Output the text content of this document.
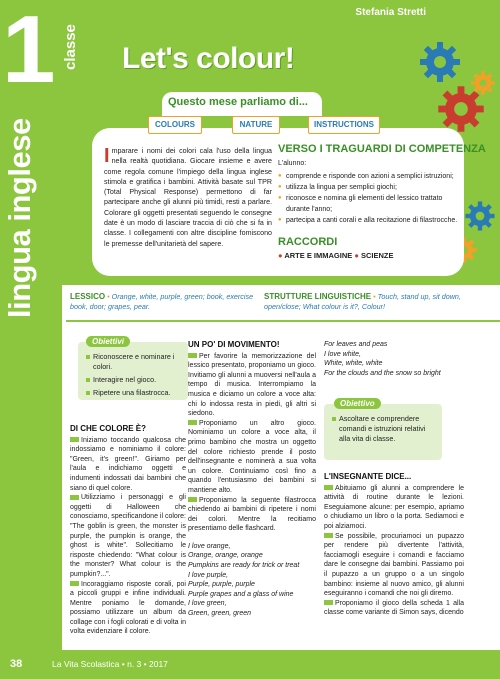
1 classe
lingua inglese
Stefania Stretti
Let's colour!
Questo mese parliamo di...
COLOURS	NATURE	INSTRUCTIONS
Imparare i nomi dei colori cala l'uso della lingua nella realtà quotidiana. Giocare insieme e avere come regola comune l'impiego della lingua inglese stimola e gratifica i bambini. Attività basate sul TPR (Total Physical Response) permettono di far partecipare anche gli alunni più timidi, resti a parlare. Colorare gli oggetti presentati seguendo le consegne date è un modo di lasciare traccia di ciò che si fa in classe. I collegamenti con altre discipline fomiscono le premesse dell'unitarietà del sapere.
VERSO I TRAGUARDI DI COMPETENZA
L'alunno:
● comprende e risponde con azioni a semplici istruzioni;
● utilizza la lingua per semplici giochi;
● riconosce e nomina gli elementi del lessico trattato durante l'anno;
● partecipa a canti corali e alla recitazione di filastrocche.
RACCORDI
● ARTE E IMMAGINE ● SCIENZE
LESSICO • Orange, white, purple, green; book, exercise book, door; grapes, pear.
STRUTTURE LINGUISTICHE • Touch, stand up, sit down, open/close; What colour is it?, Colour!
Obiettivi
Riconoscere e nominare i colori.
Interagire nel gioco.
Ripetere una filastrocca.
DI CHE COLORE È?

Iniziamo toccando qualcosa che indossiamo e nominiamo il colore: "Green, it's green!". Giriamo per l'aula e indichiamo oggetti e indumenti indossati dai bambini che siano di quel colore.

Utilizziamo i personaggi e gli oggetti di Halloween che conosciamo, specificandone il colore: "The goblin is green, the monster is purple, the pumpkin is orange, the ghost is white". Sollecitiamo le risposte chiedendo: "What colour is the monster? What colour is the pumpkin?...".

Incoraggiamo risposte corali, poi a piccoli gruppi e infine individuali. Mentre poniamo le domande, possiamo utilizzare un album da collage con i fogli colorati e di volta in volta evidenziare il colore.

UN PO' DI MOVIMENTO!

Per favorire la memorizzazione del lessico presentato, proponiamo un gioco. Invitiamo gli alunni a muoversi nell'aula a tempo di musica. Interrompiamo la musica e diciamo un colore a voce alta: chi lo indossa resta in piedi, gli altri si siedono.

Proponiamo un altro gioco. Nominiamo un colore a voce alta, il primo bambino che mostra un oggetto del colore richiesto prende il posto dell'insegnante e nominerà a sua volta un colore. Continuiamo così fino a quando l'entusiasmo dei bambini si mantiene alto.

Proponiamo la seguente filastrocca chiedendo ai bambini di ripetere i nomi dei colori. Mentre la recitiamo presentiamo delle flashcard.

I love orange,
Orange, orange, orange
Pumpkins are ready for trick or treat
I love purple,
Purple, purple, purple
Purple grapes and a glass of wine
I love green,
Green, green, green
For leaves and peas
I love white,
White, white, white
For the clouds and the snow so bright
Obiettivo
Ascoltare e comprendere comandi e istruzioni relativi alla vita di classe.
L'INSEGNANTE DICE...

Abituiamo gli alunni a comprendere le attività di routine durante le lezioni. Eseguiamone alcune: per esempio, apriamo o chiudiamo un libro o la porta. Sediamoci e poi alziamoci.

Se possibile, procuriamoci un pupazzo per rendere più divertente l'attività, facciamogli eseguire i comandi e facciamo dare le consegne dai bambini. Passiamo poi il pupazzo a un gruppo o a un singolo bambino: insieme al nuovo amico, gli alunni eseguiranno i comandi che noi gli diremo.

Proponiamo il gioco della scheda 1 alla classe come variante di Simon says, dicendo

38	La Vita Scolastica • n. 3 • 2017
